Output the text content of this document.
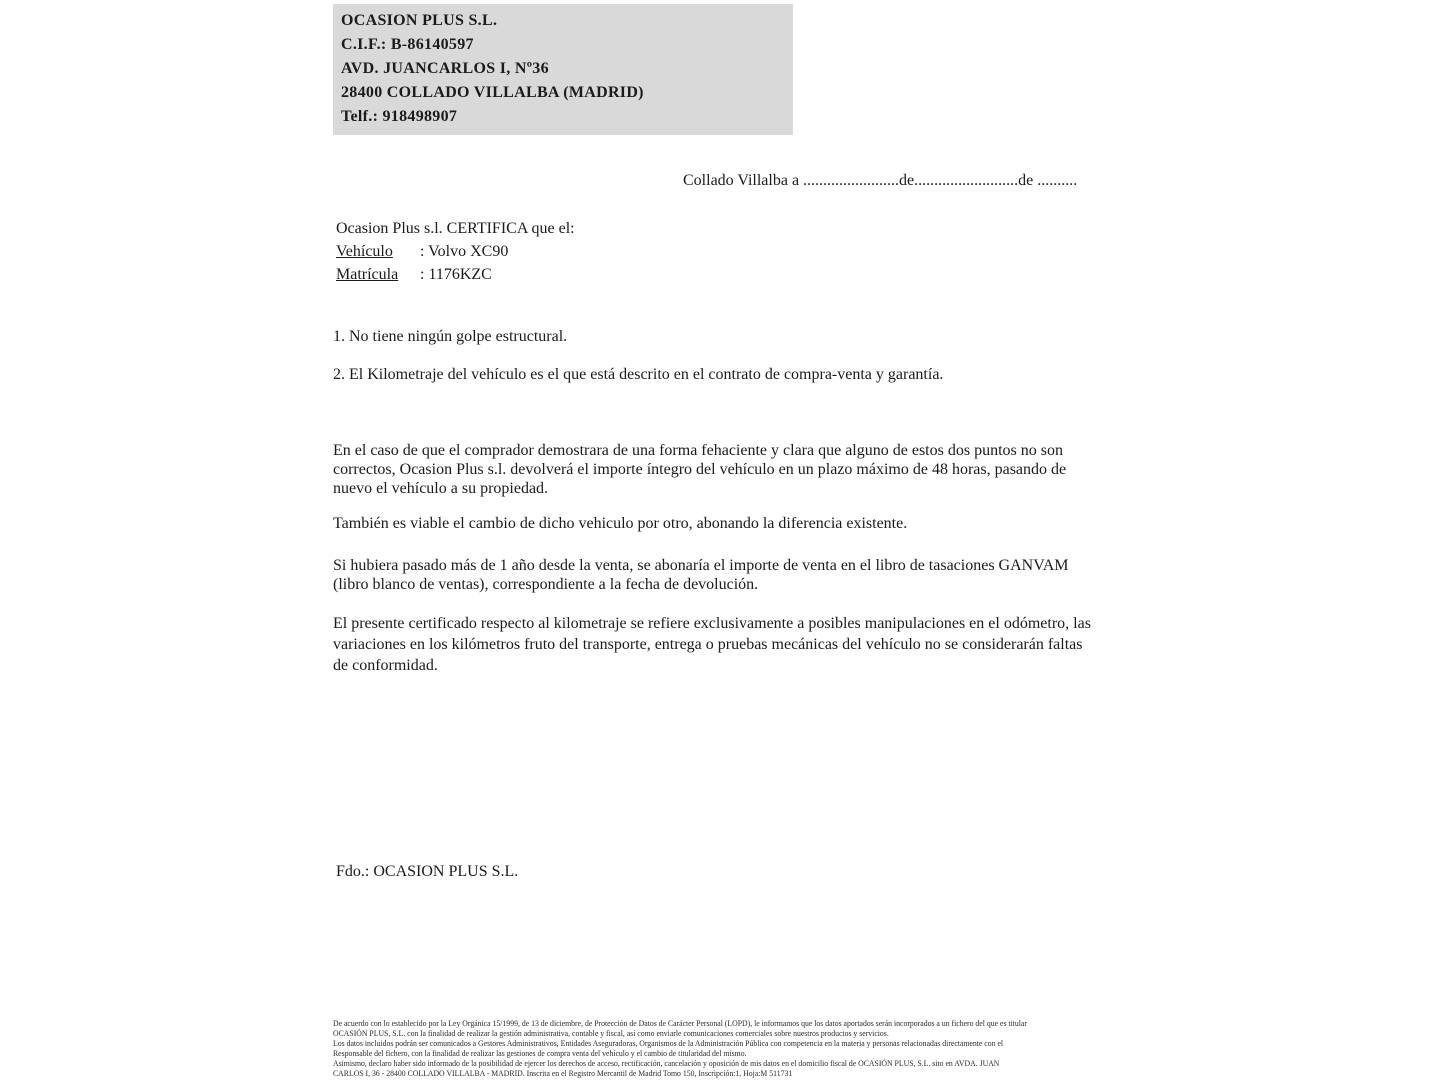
OCASION PLUS S.L.
C.I.F.: B-86140597
AVD. JUANCARLOS I, Nº36
28400 COLLADO VILLALBA (MADRID)
Telf.: 918498907
Collado Villalba a ........................de..........................de ..........
Ocasion Plus s.l. CERTIFICA que el:
Vehículo : Volvo XC90
Matrícula : 1176KZC
1. No tiene ningún golpe estructural.
2. El Kilometraje del vehículo es el que está descrito en el contrato de compra-venta y garantía.
En el caso de que el comprador demostrara de una forma fehaciente y clara que alguno de estos dos puntos no son correctos, Ocasion Plus s.l. devolverá el importe íntegro del vehículo en un plazo máximo de 48 horas, pasando de nuevo el vehículo a su propiedad.
También es viable el cambio de dicho vehiculo por otro, abonando la diferencia existente.
Si hubiera pasado más de 1 año desde la venta, se abonaría el importe de venta en el libro de tasaciones GANVAM (libro blanco de ventas), correspondiente a la fecha de devolución.
El presente certificado respecto al kilometraje se refiere exclusivamente a posibles manipulaciones en el odómetro, las variaciones en los kilómetros fruto del transporte, entrega o pruebas mecánicas del vehículo no se considerarán faltas de conformidad.
Fdo.: OCASION PLUS S.L.
De acuerdo con lo establecido por la Ley Orgánica 15/1999, de 13 de diciembre, de Protección de Datos de Carácter Personal (LOPD), le informamos que los datos aportados serán incorporados a un fichero del que es titular
OCASIÓN PLUS, S.L. con la finalidad de realizar la gestión administrativa, contable y fiscal, así como enviarle comunicaciones comerciales sobre nuestros productos y servicios.
Los datos incluidos podrán ser comunicados a Gestores Administrativos, Entidades Aseguradoras, Organismos de la Administración Pública con competencia en la materia y personas relacionadas directamente con el
Responsable del fichero, con la finalidad de realizar las gestiones de compra venta del vehículo y el cambio de titularidad del mismo.
Asimismo, declaro haber sido informado de la posibilidad de ejercer los derechos de acceso, rectificación, cancelación y oposición de mis datos en el domicilio fiscal de OCASIÓN PLUS, S.L. sito en AVDA. JUAN
CARLOS I, 36 - 28400 COLLADO VILLALBA - MADRID. Inscrita en el Registro Mercantil de Madrid Tomo 150, Inscripción:1, Hoja:M 511731
